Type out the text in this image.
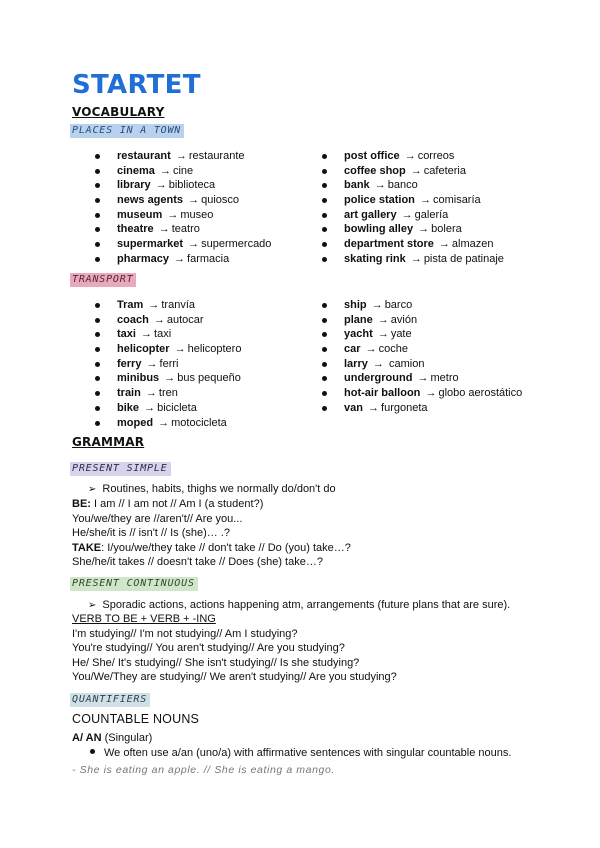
STARTET
VOCABULARY
PLACES IN A TOWN
restaurant → restaurante
cinema → cine
library → biblioteca
news agents → quiosco
museum → museo
theatre → teatro
supermarket → supermercado
pharmacy → farmacia
post office → correos
coffee shop → cafeteria
bank → banco
police station → comisaría
art gallery → galería
bowling alley → bolera
department store → almazen
skating rink → pista de patinaje
TRANSPORT
Tram → tranvía
coach → autocar
taxi → taxi
helicopter → helicoptero
ferry → ferri
minibus → bus pequeño
train → tren
bike → bicicleta
moped → motocicleta
ship → barco
plane → avión
yacht → yate
car → coche
larry → camion
underground → metro
hot-air balloon → globo aerostático
van → furgoneta
GRAMMAR
PRESENT SIMPLE
➢ Routines, habits, thighs we normally do/don't do
BE: I am // I am not // Am I (a student?)
You/we/they are //aren't// Are you...
He/she/it is // isn't // Is (she)… .?
TAKE: I/you/we/they take // don't take // Do (you) take…?
She/he/it takes // doesn't take // Does (she) take…?
PRESENT CONTINUOUS
➢ Sporadic actions, actions happening atm, arrangements (future plans that are sure).
VERB TO BE + VERB + -ING
I'm studying// I'm not studying// Am I studying?
You're studying// You aren't studying// Are you studying?
He/ She/ It's studying// She isn't studying// Is she studying?
You/We/They are studying// We aren't studying// Are you studying?
QUANTIFIERS
COUNTABLE NOUNS
A/ AN (Singular)
We often use a/an (uno/a) with affirmative sentences with singular countable nouns.
- She is eating an apple. // She is eating a mango.
